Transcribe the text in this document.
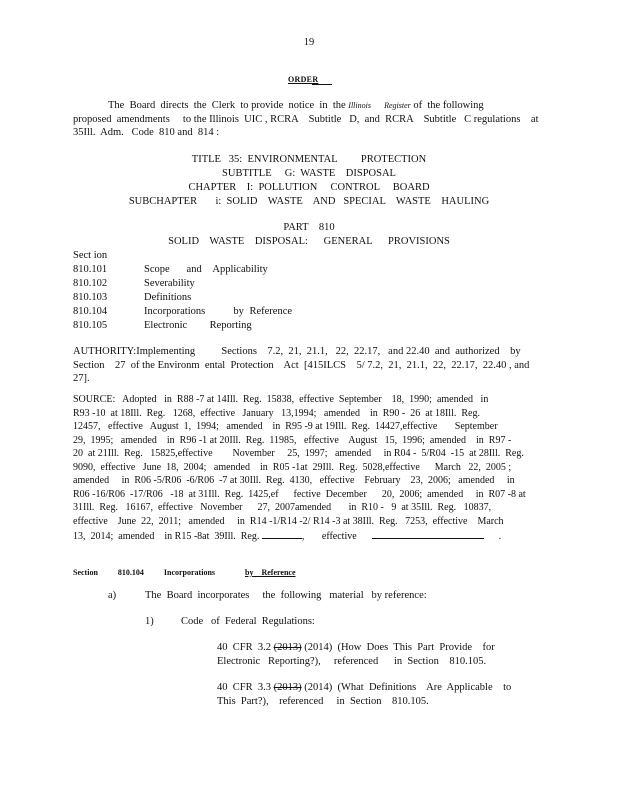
19
ORDER
The  Board  directs  the  Clerk  to provide  notice  in  the Illinois Register of  the following
proposed  amendments     to the Illinois  UIC , RCRA    Subtitle   D,  and  RCRA    Subtitle   C regulations    at
35Ill.  Adm.   Code  810 and  814 :
TITLE   35:  ENVIRONMENTAL         PROTECTION
SUBTITLE     G:  WASTE    DISPOSAL
CHAPTER    I:  POLLUTION     CONTROL     BOARD
SUBCHAPTER       i:  SOLID    WASTE    AND   SPECIAL    WASTE    HAULING
PART    810
SOLID    WASTE    DISPOSAL:      GENERAL      PROVISIONS
Sect ion
810.101	Scope   and  Applicability
810.102	Severability
810.103	Definitions
810.104	Incorporations     by Reference
810.105	Electronic    Reporting
AUTHORITY:Implementing          Sections    7.2,  21,  21.1,   22,  22.17,   and 22.40  and  authorized    by
Section    27  of the Environm  ental  Protection    Act  [415ILCS    5/ 7.2,  21,  21.1,  22,  22.17,  22.40 , and
27].
SOURCE:   Adopted   in  R88 -7 at 14Ill.  Reg.  15838,  effective  September    18,  1990;  amended   in
R93 -10  at 18Ill.  Reg.   1268,  effective   January   13,1994;   amended    in  R90 -  26  at 18Ill.  Reg.
12457,   effective   August  1,  1994;   amended    in  R95 -9 at 19Ill.  Reg.  14427,effective       September
29,  1995;   amended    in  R96 -1 at 20Ill.  Reg.  11985,   effective    August   15,  1996;  amended    in  R97 -
20  at 21Ill.  Reg.   15825,effective        November     25,  1997;   amended     in R04 -  5/R04  -15  at 28Ill.  Reg.
9090,  effective   June  18,  2004;   amended    in  R05 -1at  29Ill.  Reg.  5028,effective      March   22,  2005 ;
amended     in  R06 -5/R06  -6/R06  -7 at 30Ill.  Reg.  4130,   effective    February    23,  2006;   amended     in
R06 -16/R06  -17/R06   -18  at 31Ill.  Reg.  1425,ef      fective  December      20,  2006;  amended     in  R07 -8 at
31Ill.  Reg.   16167,  effective   November      27,  2007amended       in  R10 -   9  at 35Ill.  Reg.   10837,
effective    June  22,  2011;   amended     in  R14 -1/R14 -2/ R14 -3 at 38Ill.  Reg.   7253,  effective    March
13,  2014;  amended    in R15 -8at  39Ill.  Reg.	, effective	.
Section	810.104	Incorporations	by    Reference
a)	The  Board  incorporates     the  following   material   by reference:
1)	Code   of  Federal  Regulations:
40  CFR  3.2 (2013) (2014)  (How  Does  This  Part  Provide    for
Electronic   Reporting?),     referenced      in  Section    810.105.
40  CFR  3.3 (2013) (2014)  (What  Definitions    Are  Applicable    to
This  Part?),    referenced     in  Section    810.105.
